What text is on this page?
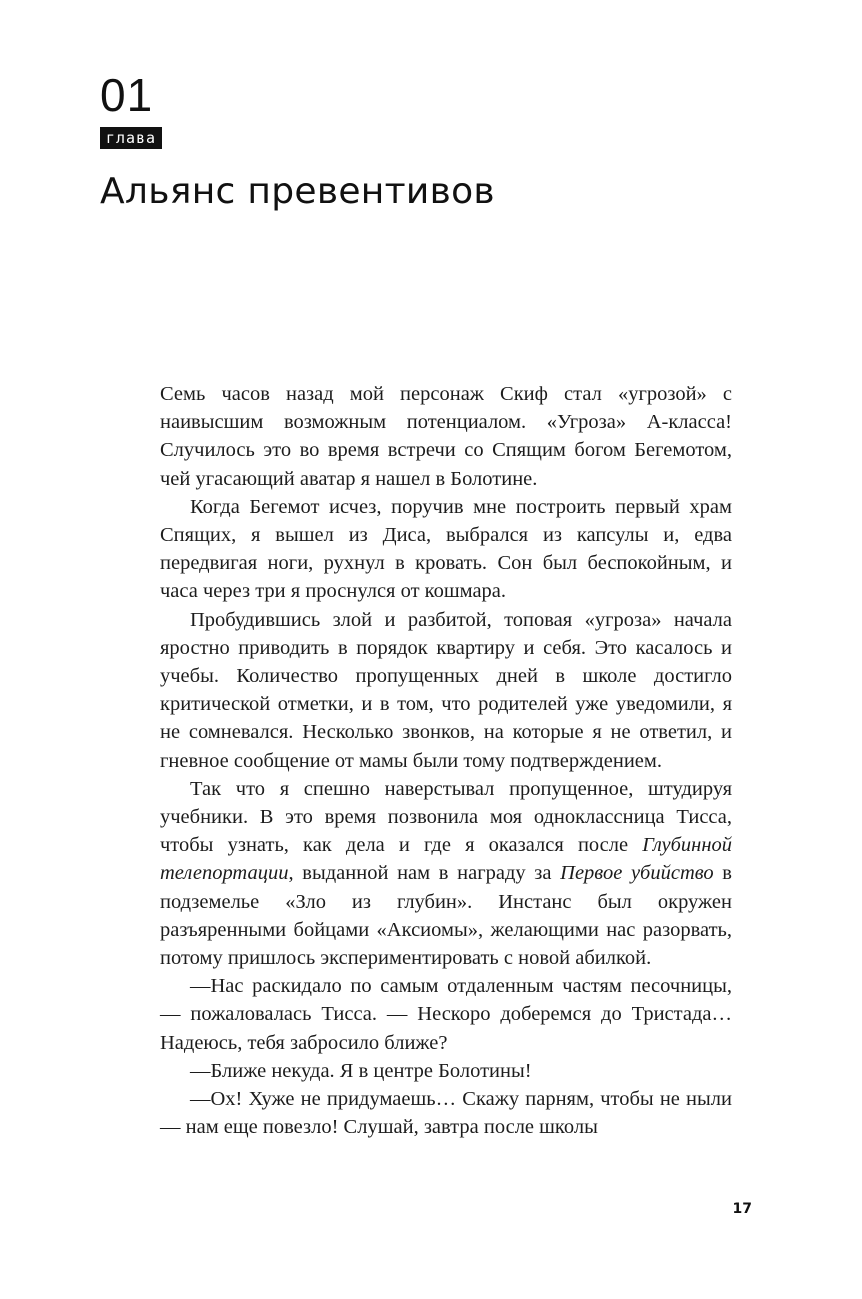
01
глава
Альянс превентивов

Семь часов назад мой персонаж Скиф стал «угрозой» с наивысшим возможным потенциалом. «Угроза» А-класса! Случилось это во время встречи со Спящим богом Бегемотом, чей угасающий аватар я нашел в Болотине.

Когда Бегемот исчез, поручив мне построить первый храм Спящих, я вышел из Диса, выбрался из капсулы и, едва передвигая ноги, рухнул в кровать. Сон был беспокойным, и часа через три я проснулся от кошмара.

Пробудившись злой и разбитой, топовая «угроза» начала яростно приводить в порядок квартиру и себя. Это касалось и учебы. Количество пропущенных дней в школе достигло критической отметки, и в том, что родителей уже уведомили, я не сомневался. Несколько звонков, на которые я не ответил, и гневное сообщение от мамы были тому подтверждением.

Так что я спешно наверстывал пропущенное, штудируя учебники. В это время позвонила моя одноклассница Тисса, чтобы узнать, как дела и где я оказался после Глубинной телепортации, выданной нам в награду за Первое убийство в подземелье «Зло из глубин». Инстанс был окружен разъяренными бойцами «Аксиомы», желающими нас разорвать, потому пришлось экспериментировать с новой абилкой.

—Нас раскидало по самым отдаленным частям песочницы, — пожаловалась Тисса. — Нескоро доберемся до Тристада… Надеюсь, тебя забросило ближе?

—Ближе некуда. Я в центре Болотины!

—Ох! Хуже не придумаешь… Скажу парням, чтобы не ныли — нам еще повезло! Слушай, завтра после школы

17
